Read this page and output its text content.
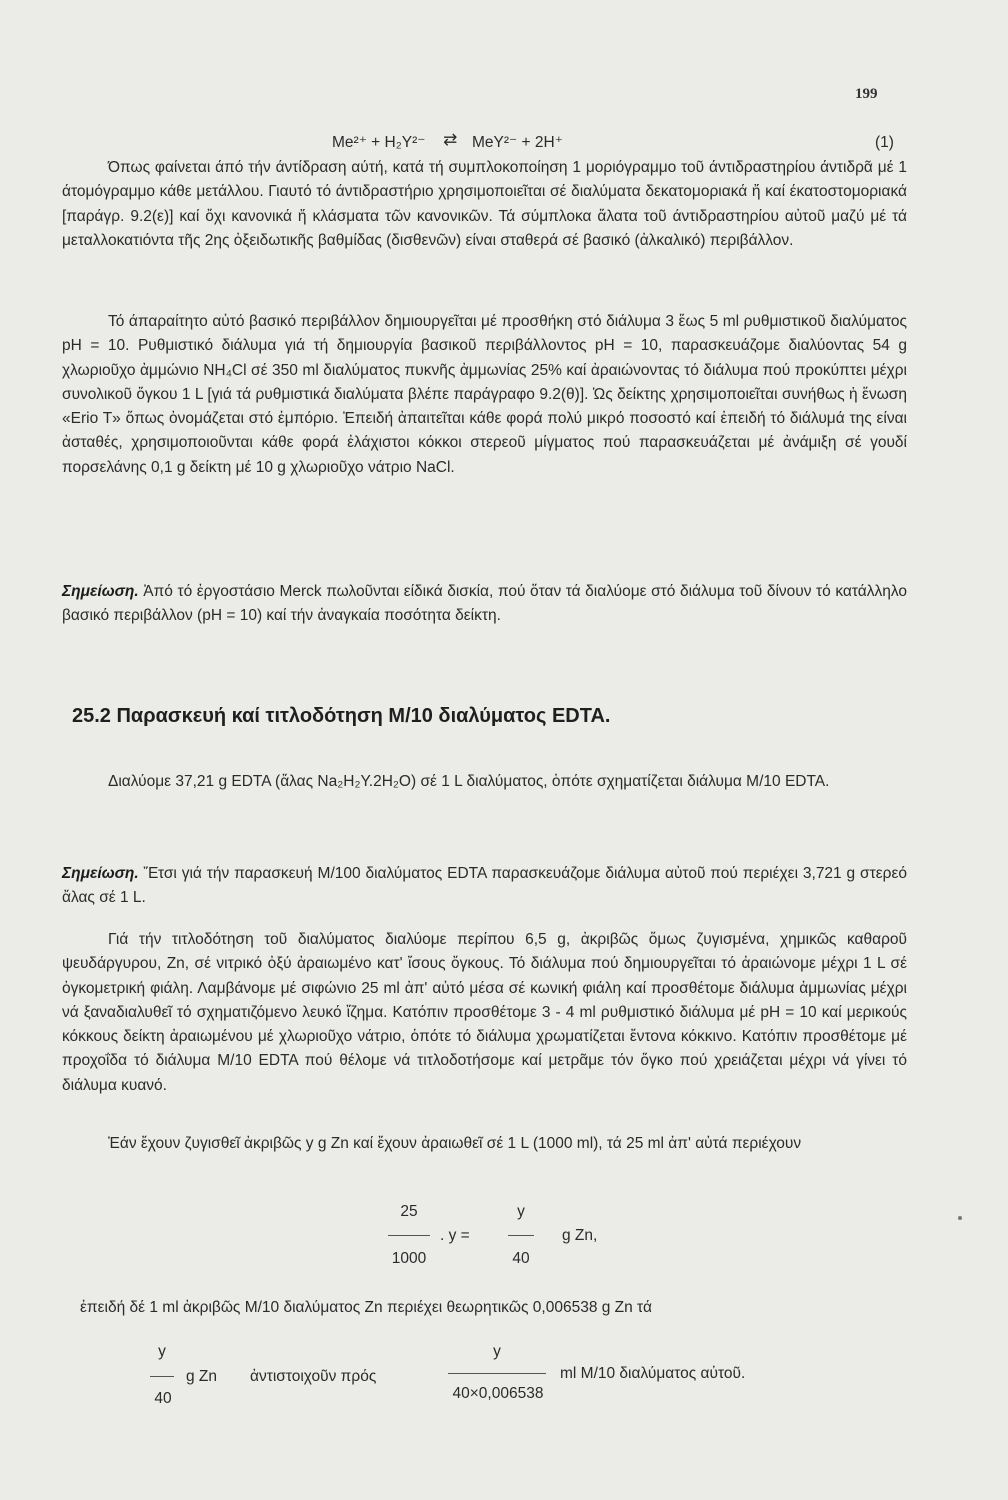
199
Me²⁺ + H₂Y²⁻ ⇄ MeY²⁻ + 2H⁺	(1)

Όπως φαίνεται άπό τήν άντίδραση αύτή, κατά τή συμπλοκοποίηση 1 μοριόγραμμο τοῦ άντιδραστηρίου άντιδρᾶ μέ 1 άτομόγραμμο κάθε μετάλλου. Γιαυτό τό άντιδραστήριο χρησιμοποιεῖται σέ διαλύματα δεκατομοριακά ἤ καί έκατοστομοριακά [παράγρ. 9.2(ε)] καί ὄχι κανονικά ἤ κλάσματα τῶν κανονικῶν. Τά σύμπλοκα ἄλατα τοῦ άντιδραστηρίου αὐτοῦ μαζύ μέ τά μεταλλοκατιόντα τῆς 2ης ὀξειδωτικῆς βαθμίδας (δισθενῶν) είναι σταθερά σέ βασικό (ἀλκαλικό) περιβάλλον.

Τό άπαραίτητο αὐτό βασικό περιβάλλον δημιουργεῖται μέ προσθήκη στό διάλυμα 3 ἕως 5 ml ρυθμιστικοῦ διαλύματος pH = 10. Ρυθμιστικό διάλυμα γιά τή δημιουργία βασικοῦ περιβάλλοντος pH = 10, παρασκευάζομε διαλύοντας 54 g χλωριοῦχο ἀμμώνιο NH₄Cl σέ 350 ml διαλύματος πυκνῆς ἀμμωνίας 25% καί ἀραιώνοντας τό διάλυμα πού προκύπτει μέχρι συνολικοῦ ὄγκου 1 L [γιά τά ρυθμιστικά διαλύματα βλέπε παράγραφο 9.2(θ)]. Ὡς δείκτης χρησιμοποιεῖται συνήθως ἡ ἕνωση «Erio T» ὅπως ὀνομάζεται στό ἐμπόριο. Ἐπειδή ἀπαιτεῖται κάθε φορά πολύ μικρό ποσοστό καί ἐπειδή τό διάλυμά της είναι ἀσταθές, χρησιμοποιοῦνται κάθε φορά ἐλάχιστοι κόκκοι στερεοῦ μίγματος πού παρασκευάζεται μέ ἀνάμιξη σέ γουδί πορσελάνης 0,1 g δείκτη μέ 10 g χλωριοῦχο νάτριο NaCl.

Σημείωση. Ἀπό τό ἐργοστάσιο Merck πωλοῦνται είδικά δισκία, πού ὅταν τά διαλύομε στό διάλυμα τοῦ δίνουν τό κατάλληλο βασικό περιβάλλον (pH = 10) καί τήν ἀναγκαία ποσότητα δείκτη.

25.2 Παρασκευή καί τιτλοδότηση M/10 διαλύματος EDTA.

Διαλύομε 37,21 g EDTA (ἄλας Na₂H₂Y.2H₂O) σέ 1 L διαλύματος, ὁπότε σχηματίζεται διάλυμα M/10 EDTA.

Σημείωση. Ἔτσι γιά τήν παρασκευή M/100 διαλύματος EDTA παρασκευάζομε διάλυμα αὐτοῦ πού περιέχει 3,721 g στερεό ἄλας σέ 1 L.

Γιά τήν τιτλοδότηση τοῦ διαλύματος διαλύομε περίπου 6,5 g, ἀκριβῶς ὅμως ζυγισμένα, χημικῶς καθαροῦ ψευδάργυρου, Zn, σέ νιτρικό ὀξύ ἀραιωμένο κατ' ἴσους ὄγκους. Τό διάλυμα πού δημιουργεῖται τό ἀραιώνομε μέχρι 1 L σέ ὀγκομετρική φιάλη. Λαμβάνομε μέ σιφώνιο 25 ml ἀπ' αὐτό μέσα σέ κωνική φιάλη καί προσθέτομε διάλυμα ἀμμωνίας μέχρι νά ξαναδιαλυθεῖ τό σχηματιζόμενο λευκό ἴζημα. Κατόπιν προσθέτομε 3 - 4 ml ρυθμιστικό διάλυμα μέ pH = 10 καί μερικούς κόκκους δείκτη ἀραιωμένου μέ χλωριοῦχο νάτριο, ὁπότε τό διάλυμα χρωματίζεται ἔντονα κόκκινο. Κατόπιν προσθέτομε μέ προχοΐδα τό διάλυμα M/10 EDTA πού θέλομε νά τιτλοδοτήσομε καί μετρᾶμε τόν ὄγκο πού χρειάζεται μέχρι νά γίνει τό διάλυμα κυανό.

Ἐάν ἔχουν ζυγισθεῖ ἀκριβῶς y g Zn καί ἔχουν ἀραιωθεῖ σέ 1 L (1000 ml), τά 25 ml ἀπ' αὐτά περιέχουν

25
1000
. y =
y
40
g Zn,
ἐπειδή δέ 1 ml ἀκριβῶς M/10 διαλύματος Zn περιέχει θεωρητικῶς 0,006538 g Zn τά
y
40
g Zn ἀντιστοιχοῦν πρός
y
40×0,006538
ml M/10 διαλύματος αὐτοῦ.
